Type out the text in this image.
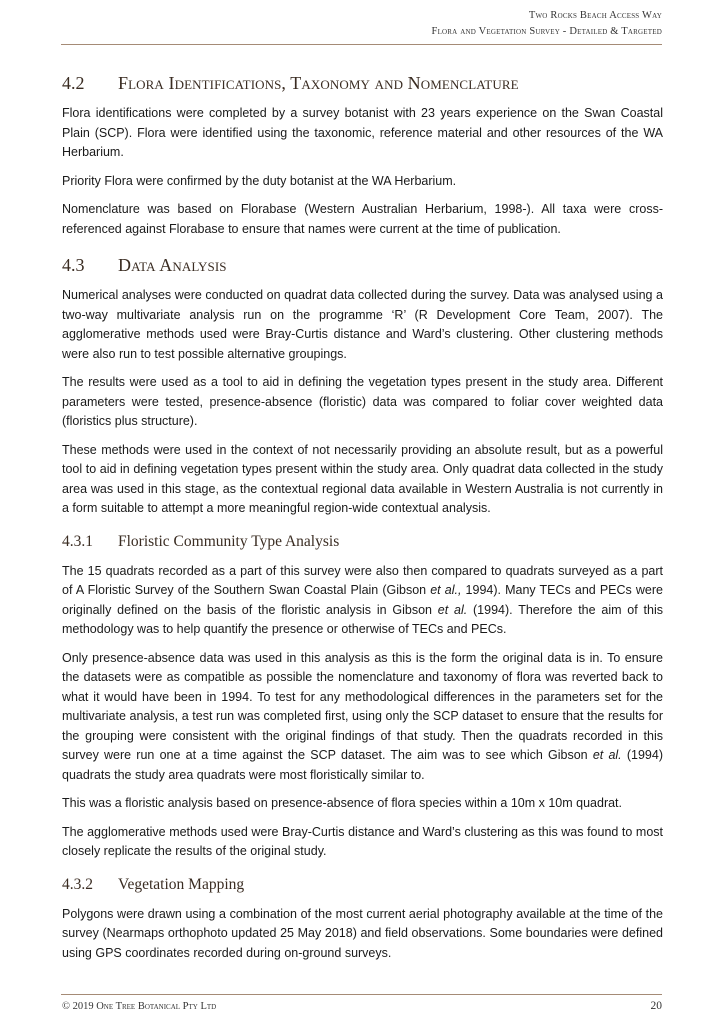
Two Rocks Beach Access Way
Flora and Vegetation Survey - Detailed & Targeted
4.2 Flora Identifications, Taxonomy and Nomenclature

Flora identifications were completed by a survey botanist with 23 years experience on the Swan Coastal Plain (SCP). Flora were identified using the taxonomic, reference material and other resources of the WA Herbarium.

Priority Flora were confirmed by the duty botanist at the WA Herbarium.

Nomenclature was based on Florabase (Western Australian Herbarium, 1998-). All taxa were cross-referenced against Florabase to ensure that names were current at the time of publication.

4.3 Data Analysis

Numerical analyses were conducted on quadrat data collected during the survey. Data was analysed using a two-way multivariate analysis run on the programme ‘R’ (R Development Core Team, 2007). The agglomerative methods used were Bray-Curtis distance and Ward’s clustering. Other clustering methods were also run to test possible alternative groupings.

The results were used as a tool to aid in defining the vegetation types present in the study area. Different parameters were tested, presence-absence (floristic) data was compared to foliar cover weighted data (floristics plus structure).

These methods were used in the context of not necessarily providing an absolute result, but as a powerful tool to aid in defining vegetation types present within the study area. Only quadrat data collected in the study area was used in this stage, as the contextual regional data available in Western Australia is not currently in a form suitable to attempt a more meaningful region-wide contextual analysis.

4.3.1 Floristic Community Type Analysis

The 15 quadrats recorded as a part of this survey were also then compared to quadrats surveyed as a part of A Floristic Survey of the Southern Swan Coastal Plain (Gibson et al., 1994). Many TECs and PECs were originally defined on the basis of the floristic analysis in Gibson et al. (1994). Therefore the aim of this methodology was to help quantify the presence or otherwise of TECs and PECs.

Only presence-absence data was used in this analysis as this is the form the original data is in. To ensure the datasets were as compatible as possible the nomenclature and taxonomy of flora was reverted back to what it would have been in 1994. To test for any methodological differences in the parameters set for the multivariate analysis, a test run was completed first, using only the SCP dataset to ensure that the results for the grouping were consistent with the original findings of that study. Then the quadrats recorded in this survey were run one at a time against the SCP dataset. The aim was to see which Gibson et al. (1994) quadrats the study area quadrats were most floristically similar to.

This was a floristic analysis based on presence-absence of flora species within a 10m x 10m quadrat.

The agglomerative methods used were Bray-Curtis distance and Ward’s clustering as this was found to most closely replicate the results of the original study.

4.3.2 Vegetation Mapping

Polygons were drawn using a combination of the most current aerial photography available at the time of the survey (Nearmaps orthophoto updated 25 May 2018) and field observations. Some boundaries were defined using GPS coordinates recorded during on-ground surveys.

© 2019 One Tree Botanical Pty Ltd	20
